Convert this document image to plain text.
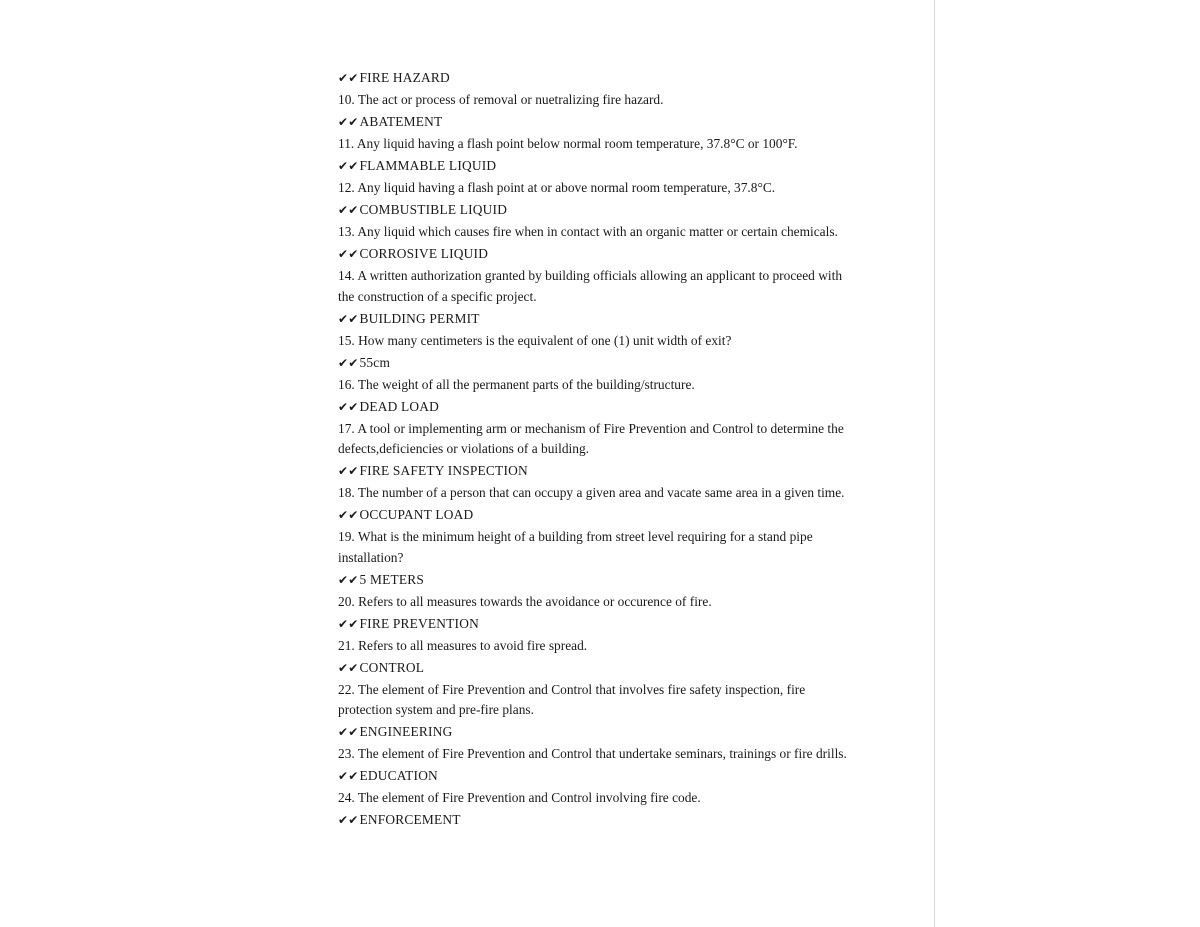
✔✔FIRE HAZARD
10. The act or process of removal or nuetralizing fire hazard.
✔✔ABATEMENT
11. Any liquid having a flash point below normal room temperature, 37.8°C or 100°F.
✔✔FLAMMABLE LIQUID
12. Any liquid having a flash point at or above normal room temperature, 37.8°C.
✔✔COMBUSTIBLE LIQUID
13. Any liquid which causes fire when in contact with an organic matter or certain chemicals.
✔✔CORROSIVE LIQUID
14. A written authorization granted by building officials allowing an applicant to proceed with the construction of a specific project.
✔✔BUILDING PERMIT
15. How many centimeters is the equivalent of one (1) unit width of exit?
✔✔55cm
16. The weight of all the permanent parts of the building/structure.
✔✔DEAD LOAD
17. A tool or implementing arm or mechanism of Fire Prevention and Control to determine the defects,deficiencies or violations of a building.
✔✔FIRE SAFETY INSPECTION
18. The number of a person that can occupy a given area and vacate same area in a given time.
✔✔OCCUPANT LOAD
19. What is the minimum height of a building from street level requiring for a stand pipe installation?
✔✔5 METERS
20. Refers to all measures towards the avoidance or occurence of fire.
✔✔FIRE PREVENTION
21. Refers to all measures to avoid fire spread.
✔✔CONTROL
22. The element of Fire Prevention and Control that involves fire safety inspection, fire protection system and pre-fire plans.
✔✔ENGINEERING
23. The element of Fire Prevention and Control that undertake seminars, trainings or fire drills.
✔✔EDUCATION
24. The element of Fire Prevention and Control involving fire code.
✔✔ENFORCEMENT
